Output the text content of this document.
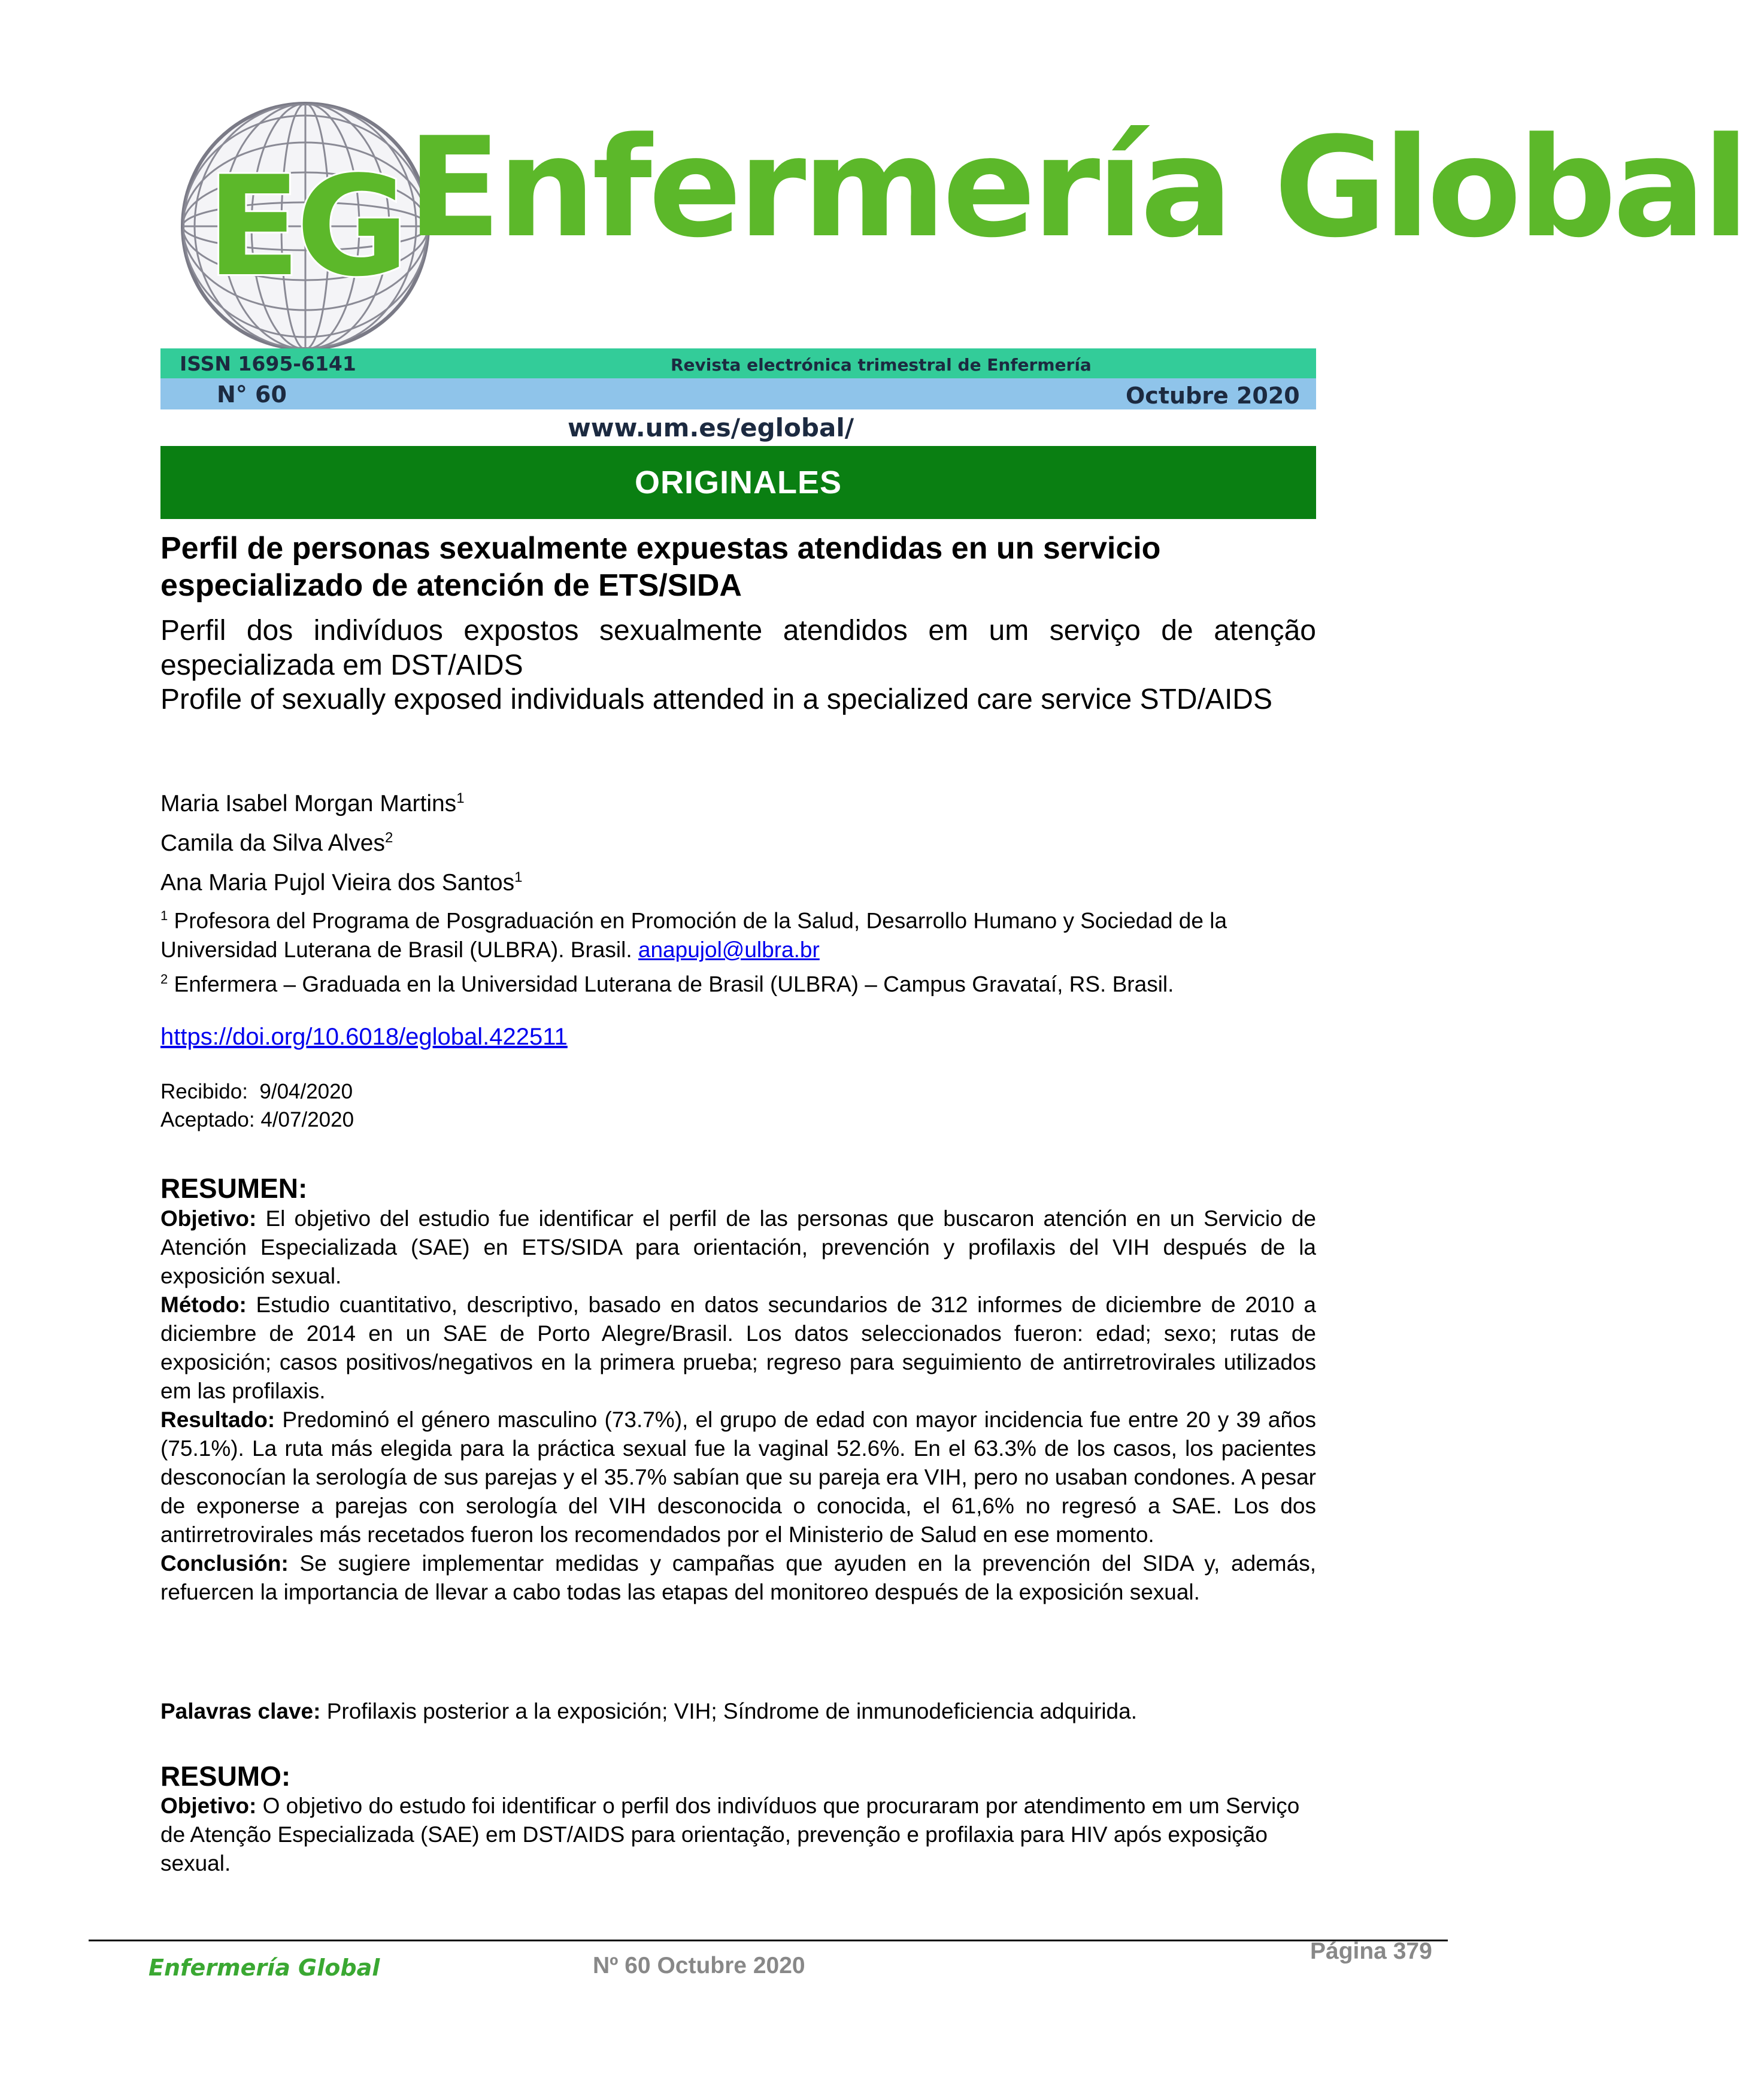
EG Enfermería Global
ISSN 1695-6141	Revista electrónica trimestral de Enfermería
N° 60	Octubre 2020
www.um.es/eglobal/
ORIGINALES
Perfil de personas sexualmente expuestas atendidas en un servicio especializado de atención de ETS/SIDA
Perfil dos indivíduos expostos sexualmente atendidos em um serviço de atenção especializada em DST/AIDS
Profile of sexually exposed individuals attended in a specialized care service STD/AIDS
Maria Isabel Morgan Martins$^1$
Camila da Silva Alves$^2$
Ana Maria Pujol Vieira dos Santos$^1$
$^1$ Profesora del Programa de Posgraduación en Promoción de la Salud, Desarrollo Humano y Sociedad de la Universidad Luterana de Brasil (ULBRA). Brasil. anapujol@ulbra.br
$^2$ Enfermera – Graduada en la Universidad Luterana de Brasil (ULBRA) – Campus Gravataí, RS. Brasil.
https://doi.org/10.6018/eglobal.422511
Recibido: 9/04/2020
Aceptado: 4/07/2020
RESUMEN:

Objetivo: El objetivo del estudio fue identificar el perfil de las personas que buscaron atención en un Servicio de Atención Especializada (SAE) en ETS/SIDA para orientación, prevención y profilaxis del VIH después de la exposición sexual.

Método: Estudio cuantitativo, descriptivo, basado en datos secundarios de 312 informes de diciembre de 2010 a diciembre de 2014 en un SAE de Porto Alegre/Brasil. Los datos seleccionados fueron: edad; sexo; rutas de exposición; casos positivos/negativos en la primera prueba; regreso para seguimiento de antirretrovirales utilizados em las profilaxis.

Resultado: Predominó el género masculino (73.7%), el grupo de edad con mayor incidencia fue entre 20 y 39 años (75.1%). La ruta más elegida para la práctica sexual fue la vaginal 52.6%. En el 63.3% de los casos, los pacientes desconocían la serología de sus parejas y el 35.7% sabían que su pareja era VIH, pero no usaban condones. A pesar de exponerse a parejas con serología del VIH desconocida o conocida, el 61,6% no regresó a SAE. Los dos antirretrovirales más recetados fueron los recomendados por el Ministerio de Salud en ese momento.

Conclusión: Se sugiere implementar medidas y campañas que ayuden en la prevención del SIDA y, además, refuercen la importancia de llevar a cabo todas las etapas del monitoreo después de la exposición sexual.

Palavras clave: Profilaxis posterior a la exposición; VIH; Síndrome de inmunodeficiencia adquirida.
RESUMO:

Objetivo: O objetivo do estudo foi identificar o perfil dos indivíduos que procuraram por atendimento em um Serviço de Atenção Especializada (SAE) em DST/AIDS para orientação, prevenção e profilaxia para HIV após exposição sexual.

Enfermería Global	Nº 60 Octubre 2020
Página 379
